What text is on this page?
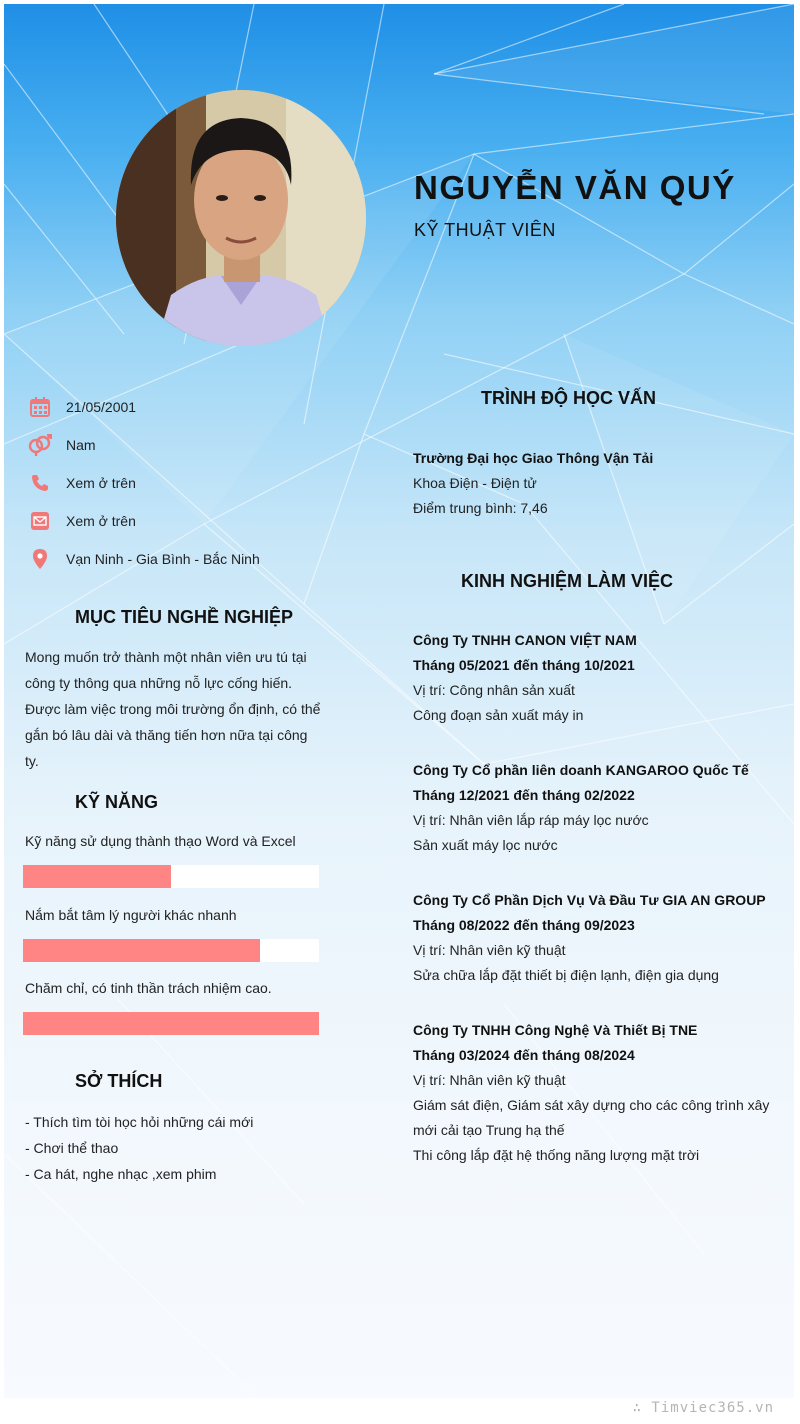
NGUYỄN VĂN QUÝ
KỸ THUẬT VIÊN
21/05/2001
Nam
Xem ở trên
Xem ở trên
Vạn Ninh - Gia Bình - Bắc Ninh
MỤC TIÊU NGHỀ NGHIỆP
Mong muốn trở thành một nhân viên ưu tú tại công ty thông qua những nỗ lực cống hiến. Được làm việc trong môi trường ổn định, có thể gắn bó lâu dài và thăng tiến hơn nữa tại công ty.
KỸ NĂNG
Kỹ năng sử dụng thành thạo Word và Excel
Nắm bắt tâm lý người khác nhanh
Chăm chỉ, có tinh thần trách nhiệm cao.
SỞ THÍCH
- Thích tìm tòi học hỏi những cái mới
- Chơi thể thao
- Ca hát, nghe nhạc ,xem phim
TRÌNH ĐỘ HỌC VẤN
Trường Đại học Giao Thông Vận Tải
Khoa Điện - Điện tử
Điểm trung bình: 7,46
KINH NGHIỆM LÀM VIỆC
Công Ty TNHH CANON VIỆT NAM
Tháng 05/2021 đến tháng 10/2021
Vị trí: Công nhân sản xuất
Công đoạn sản xuất máy in
Công Ty Cổ phần liên doanh KANGAROO Quốc Tế
Tháng 12/2021 đến tháng 02/2022
Vị trí: Nhân viên lắp ráp máy lọc nước
Sản xuất máy lọc nước
Công Ty Cổ Phần Dịch Vụ Và Đầu Tư GIA AN GROUP
Tháng 08/2022 đến tháng 09/2023
Vị trí: Nhân viên kỹ thuật
Sửa chữa lắp đặt thiết bị điện lạnh, điện gia dụng
Công Ty TNHH Công Nghệ Và Thiết Bị TNE
Tháng 03/2024 đến tháng 08/2024
Vị trí: Nhân viên kỹ thuật
Giám sát điện, Giám sát xây dựng cho các công trình xây mới cải tạo Trung hạ thế
Thi công lắp đặt hệ thống năng lượng mặt trời
∴ Timviec365.vn
